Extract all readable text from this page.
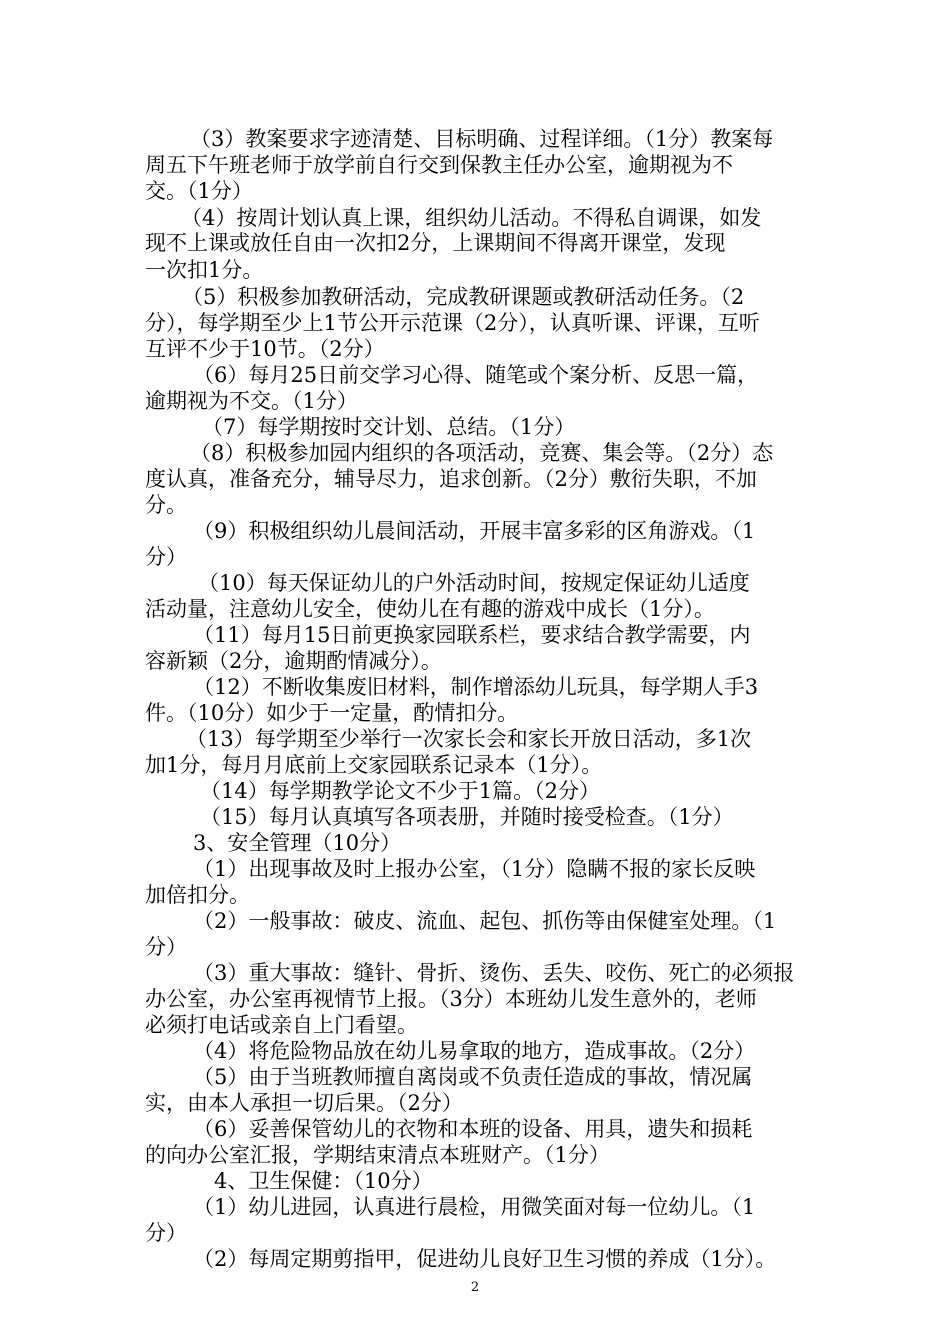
（3）教案要求字迹清楚、目标明确、过程详细。（1分）教案每
周五下午班老师于放学前自行交到保教主任办公室，逾期视为不
交。（1分）
（4）按周计划认真上课，组织幼儿活动。不得私自调课，如发
现不上课或放任自由一次扣2分，上课期间不得离开课堂，发现
一次扣1分。
（5）积极参加教研活动，完成教研课题或教研活动任务。（2
分），每学期至少上1节公开示范课（2分），认真听课、评课，互听
互评不少于10节。（2分）
（6）每月25日前交学习心得、随笔或个案分析、反思一篇，
逾期视为不交。（1分）
（7）每学期按时交计划、总结。（1分）
（8）积极参加园内组织的各项活动，竞赛、集会等。（2分）态
度认真，准备充分，辅导尽力，追求创新。（2分）敷衍失职，不加
分。
（9）积极组织幼儿晨间活动，开展丰富多彩的区角游戏。（1
分）
（10）每天保证幼儿的户外活动时间，按规定保证幼儿适度
活动量，注意幼儿安全，使幼儿在有趣的游戏中成长（1分）。
（11）每月15日前更换家园联系栏，要求结合教学需要，内
容新颖（2分，逾期酌情减分）。
（12）不断收集废旧材料，制作增添幼儿玩具，每学期人手3
件。（10分）如少于一定量，酌情扣分。
（13）每学期至少举行一次家长会和家长开放日活动，多1次
加1分，每月月底前上交家园联系记录本（1分）。
（14）每学期教学论文不少于1篇。（2分）
（15）每月认真填写各项表册，并随时接受检查。（1分）
3、安全管理（10分）
（1）出现事故及时上报办公室，（1分）隐瞒不报的家长反映
加倍扣分。
（2）一般事故：破皮、流血、起包、抓伤等由保健室处理。（1
分）
（3）重大事故：缝针、骨折、烫伤、丢失、咬伤、死亡的必须报
办公室，办公室再视情节上报。（3分）本班幼儿发生意外的，老师
必须打电话或亲自上门看望。
（4）将危险物品放在幼儿易拿取的地方，造成事故。（2分）
（5）由于当班教师擅自离岗或不负责任造成的事故，情况属
实，由本人承担一切后果。（2分）
（6）妥善保管幼儿的衣物和本班的设备、用具，遗失和损耗
的向办公室汇报，学期结束清点本班财产。（1分）
4、卫生保健：（10分）
（1）幼儿进园，认真进行晨检，用微笑面对每一位幼儿。（1
分）
（2）每周定期剪指甲，促进幼儿良好卫生习惯的养成（1分）。
2
